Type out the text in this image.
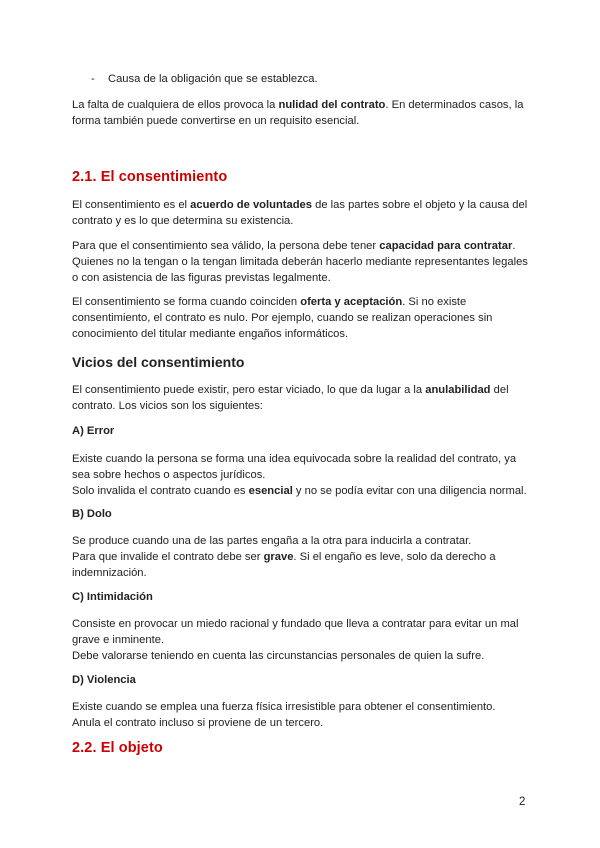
- Causa de la obligación que se establezca.

La falta de cualquiera de ellos provoca la nulidad del contrato. En determinados casos, la forma también puede convertirse en un requisito esencial.

2.1. El consentimiento

El consentimiento es el acuerdo de voluntades de las partes sobre el objeto y la causa del contrato y es lo que determina su existencia.

Para que el consentimiento sea válido, la persona debe tener capacidad para contratar. Quienes no la tengan o la tengan limitada deberán hacerlo mediante representantes legales o con asistencia de las figuras previstas legalmente.

El consentimiento se forma cuando coinciden oferta y aceptación. Si no existe consentimiento, el contrato es nulo. Por ejemplo, cuando se realizan operaciones sin conocimiento del titular mediante engaños informáticos.

Vicios del consentimiento

El consentimiento puede existir, pero estar viciado, lo que da lugar a la anulabilidad del contrato. Los vicios son los siguientes:

A) Error

Existe cuando la persona se forma una idea equivocada sobre la realidad del contrato, ya sea sobre hechos o aspectos jurídicos.
Solo invalida el contrato cuando es esencial y no se podía evitar con una diligencia normal.

B) Dolo

Se produce cuando una de las partes engaña a la otra para inducirla a contratar.
Para que invalide el contrato debe ser grave. Si el engaño es leve, solo da derecho a indemnización.

C) Intimidación

Consiste en provocar un miedo racional y fundado que lleva a contratar para evitar un mal grave e inminente.
Debe valorarse teniendo en cuenta las circunstancias personales de quien la sufre.

D) Violencia

Existe cuando se emplea una fuerza física irresistible para obtener el consentimiento.
Anula el contrato incluso si proviene de un tercero.

2.2. El objeto
2
